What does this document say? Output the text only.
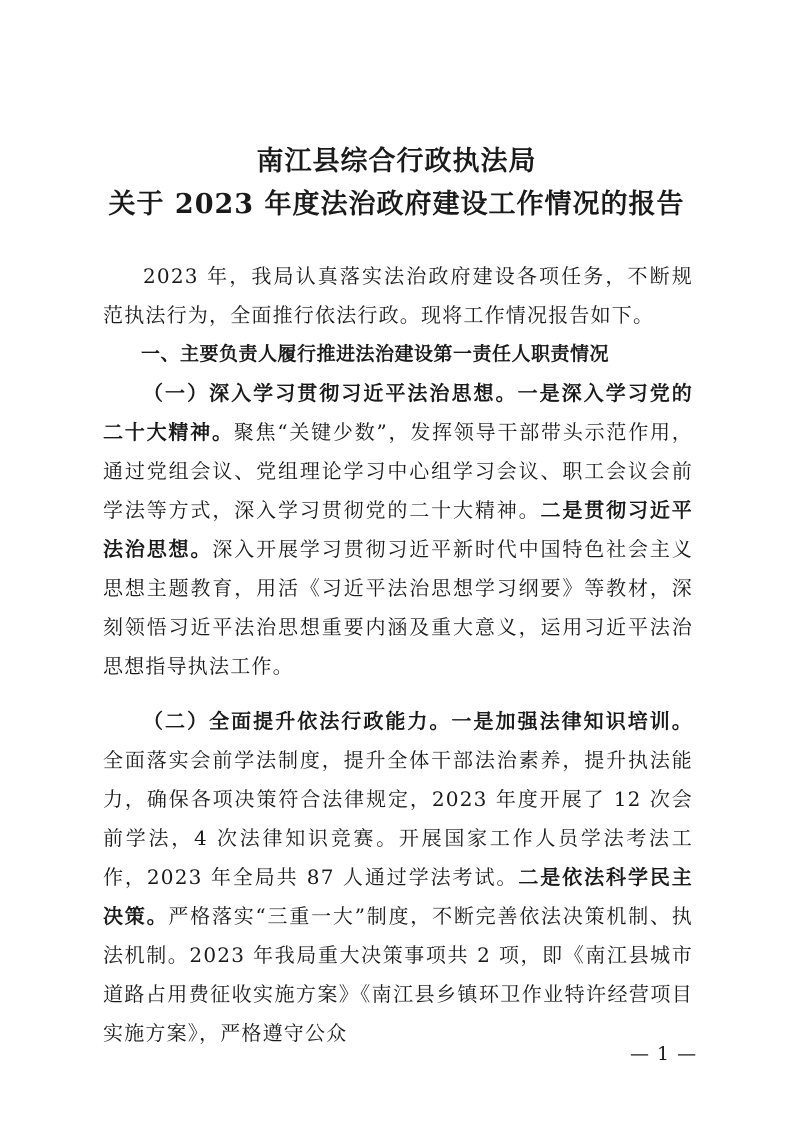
南江县综合行政执法局
关于 2023 年度法治政府建设工作情况的报告

2023 年，我局认真落实法治政府建设各项任务，不断规范执法行为，全面推行依法行政。现将工作情况报告如下。

一、主要负责人履行推进法治建设第一责任人职责情况

（一）深入学习贯彻习近平法治思想。一是深入学习党的二十大精神。聚焦“关键少数”，发挥领导干部带头示范作用，通过党组会议、党组理论学习中心组学习会议、职工会议会前学法等方式，深入学习贯彻党的二十大精神。二是贯彻习近平法治思想。深入开展学习贯彻习近平新时代中国特色社会主义思想主题教育，用活《习近平法治思想学习纲要》等教材，深刻领悟习近平法治思想重要内涵及重大意义，运用习近平法治思想指导执法工作。

（二）全面提升依法行政能力。一是加强法律知识培训。全面落实会前学法制度，提升全体干部法治素养，提升执法能力，确保各项决策符合法律规定，2023 年度开展了 12 次会前学法，4 次法律知识竞赛。开展国家工作人员学法考法工作，2023 年全局共 87 人通过学法考试。二是依法科学民主决策。严格落实“三重一大”制度，不断完善依法决策机制、执法机制。2023 年我局重大决策事项共 2 项，即《南江县城市道路占用费征收实施方案》《南江县乡镇环卫作业特许经营项目实施方案》，严格遵守公众

— 1 —
